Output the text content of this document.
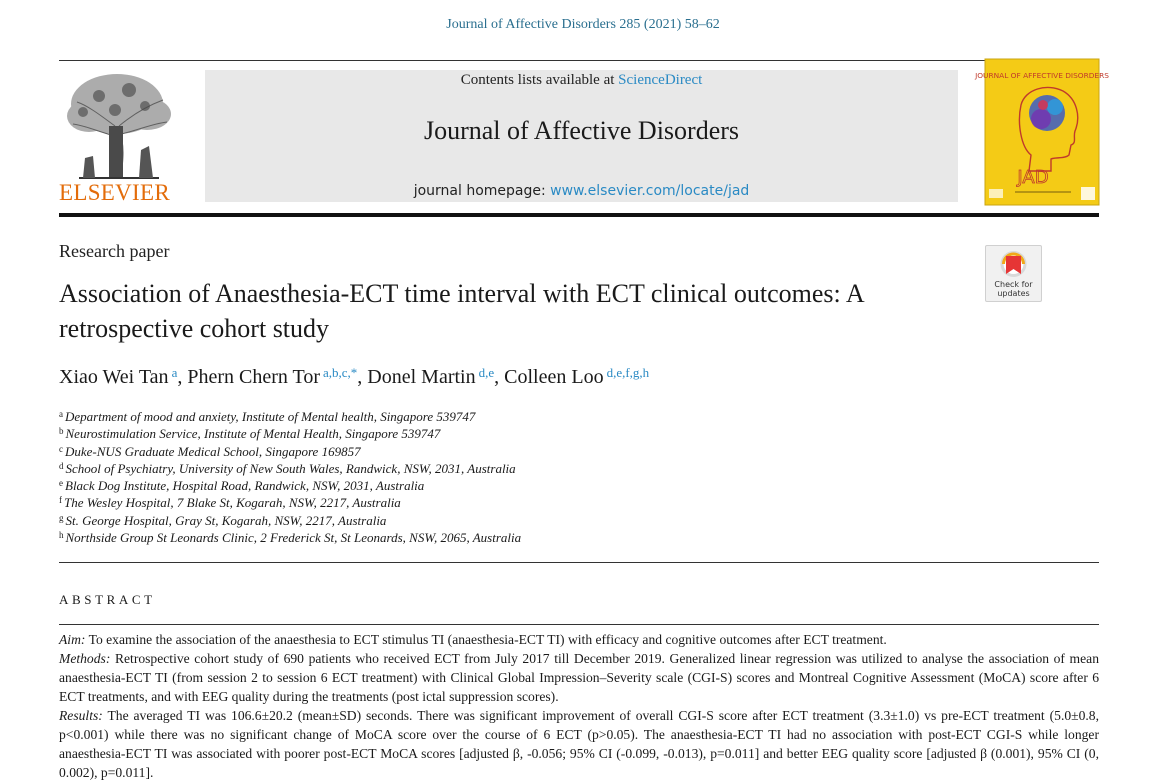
Journal of Affective Disorders 285 (2021) 58–62
ELSEVIER
Contents lists available at ScienceDirect
Journal of Affective Disorders
journal homepage: www.elsevier.com/locate/jad
JOURNAL OF AFFECTIVE DISORDERS
JAD
Research paper
Check for
updates
Association of Anaesthesia-ECT time interval with ECT clinical outcomes: A retrospective cohort study
Xiao Wei Tan $^a$, Phern Chern Tor $^{a,b,c,*}$, Donel Martin $^{d,e}$, Colleen Loo $^{d,e,f,g,h}$
$^a$ Department of mood and anxiety, Institute of Mental health, Singapore 539747
$^b$ Neurostimulation Service, Institute of Mental Health, Singapore 539747
$^c$ Duke-NUS Graduate Medical School, Singapore 169857
$^d$ School of Psychiatry, University of New South Wales, Randwick, NSW, 2031, Australia
$^e$ Black Dog Institute, Hospital Road, Randwick, NSW, 2031, Australia
$^f$ The Wesley Hospital, 7 Blake St, Kogarah, NSW, 2217, Australia
$^g$ St. George Hospital, Gray St, Kogarah, NSW, 2217, Australia
$^h$ Northside Group St Leonards Clinic, 2 Frederick St, St Leonards, NSW, 2065, Australia
ABSTRACT

Aim: To examine the association of the anaesthesia to ECT stimulus TI (anaesthesia-ECT TI) with efficacy and cognitive outcomes after ECT treatment.

Methods: Retrospective cohort study of 690 patients who received ECT from July 2017 till December 2019. Generalized linear regression was utilized to analyse the association of mean anaesthesia-ECT TI (from session 2 to session 6 ECT treatment) with Clinical Global Impression–Severity scale (CGI-S) scores and Montreal Cognitive Assessment (MoCA) score after 6 ECT treatments, and with EEG quality during the treatments (post ictal suppression scores).

Results: The averaged TI was 106.6±20.2 (mean±SD) seconds. There was significant improvement of overall CGI-S score after ECT treatment (3.3±1.0) vs pre-ECT treatment (5.0±0.8, p<0.001) while there was no significant change of MoCA score over the course of 6 ECT (p>0.05). The anaesthesia-ECT TI had no association with post-ECT CGI-S while longer anaesthesia-ECT TI was associated with poorer post-ECT MoCA scores [adjusted β, -0.056; 95% CI (-0.099, -0.013), p=0.011] and better EEG quality score [adjusted β (0.001), 95% CI (0, 0.002), p=0.011].
